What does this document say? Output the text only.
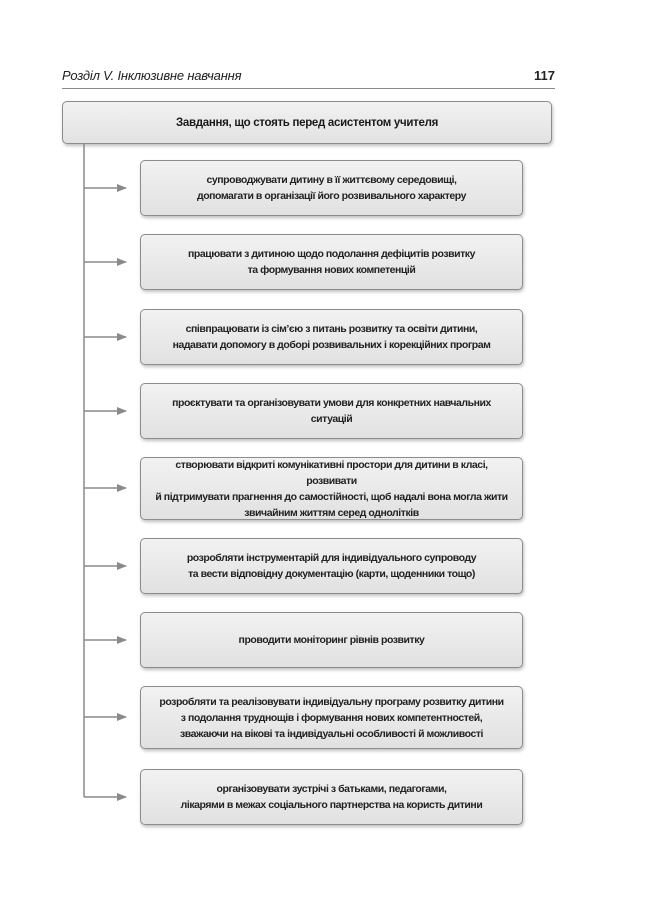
Розділ V. Інклюзивне навчання	117
Завдання, що стоять перед асистентом учителя
супроводжувати дитину в її життєвому середовищі,
допомагати в організації його розвивального характеру
працювати з дитиною щодо подолання дефіцитів розвитку
та формування нових компетенцій
співпрацювати із сім’єю з питань розвитку та освіти дитини,
надавати допомогу в доборі розвивальних і корекційних програм
проєктувати та організовувати умови для конкретних навчальних ситуацій
створювати відкриті комунікативні простори для дитини в класі, розвивати
й підтримувати прагнення до самостійності, щоб надалі вона могла жити
звичайним життям серед однолітків
розробляти інструментарій для індивідуального супроводу
та вести відповідну документацію (карти, щоденники тощо)
проводити моніторинг рівнів розвитку
розробляти та реалізовувати індивідуальну програму розвитку дитини
з подолання труднощів і формування нових компетентностей,
зважаючи на вікові та індивідуальні особливості й можливості
організовувати зустрічі з батьками, педагогами,
лікарями в межах соціального партнерства на користь дитини
